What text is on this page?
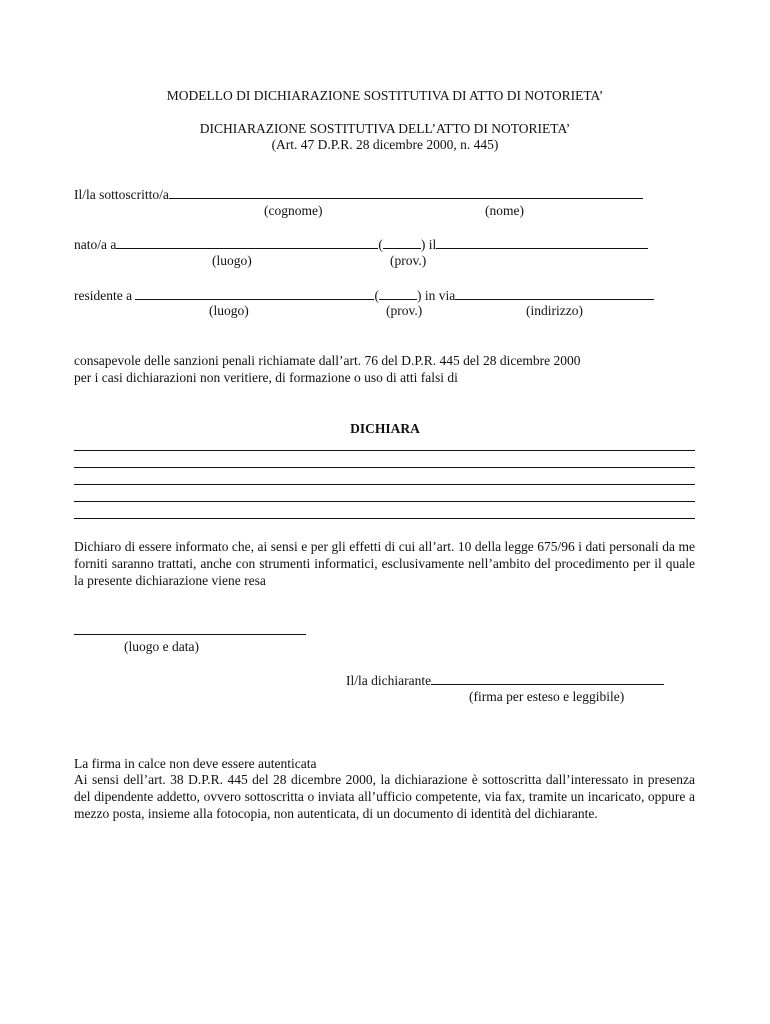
MODELLO DI DICHIARAZIONE SOSTITUTIVA DI ATTO DI NOTORIETA’
DICHIARAZIONE SOSTITUTIVA DELL’ATTO DI NOTORIETA’
(Art. 47 D.P.R. 28 dicembre 2000, n. 445)
Il/la sottoscritto/a
(cognome)	(nome)
nato/a a	(	) il
(luogo)	(prov.)
residente a	(	) in via
(luogo)	(prov.)	(indirizzo)
consapevole delle sanzioni penali richiamate dall’art. 76 del D.P.R. 445 del 28 dicembre 2000
per i casi dichiarazioni non veritiere, di formazione o uso di atti falsi di
DICHIARA
Dichiaro di essere informato che, ai sensi e per gli effetti di cui all’art. 10 della legge 675/96 i dati personali da me forniti saranno trattati, anche con strumenti informatici, esclusivamente nell’ambito del procedimento per il quale la presente dichiarazione viene resa
(luogo e data)
Il/la dichiarante
(firma per esteso e leggibile)
La firma in calce non deve essere autenticata
Ai sensi dell’art. 38 D.P.R. 445 del 28 dicembre 2000, la dichiarazione è sottoscritta dall’interessato in presenza del dipendente addetto, ovvero sottoscritta o inviata all’ufficio competente, via fax, tramite un incaricato, oppure a mezzo posta, insieme alla fotocopia, non autenticata, di un documento di identità del dichiarante.
